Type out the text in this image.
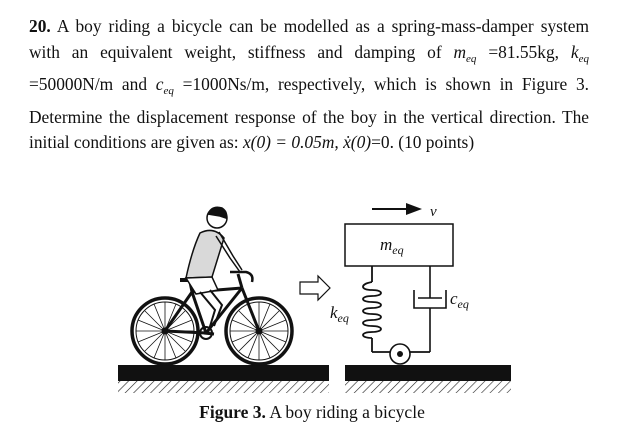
20. A boy riding a bicycle can be modelled as a spring-mass-damper system with an equivalent weight, stiffness and damping of $m_{eq} =81.55kg$, $k_{eq} =50000N/m$ and $c_{eq} =1000Ns/m$, respectively, which is shown in Figure 3. Determine the displacement response of the boy in the vertical direction. The initial conditions are given as: x(0) = 0.05m, ẋ(0)=0. (10 points)
v
$m_{eq}$
$k_{eq}$
$c_{eq}$
Figure 3. A boy riding a bicycle
